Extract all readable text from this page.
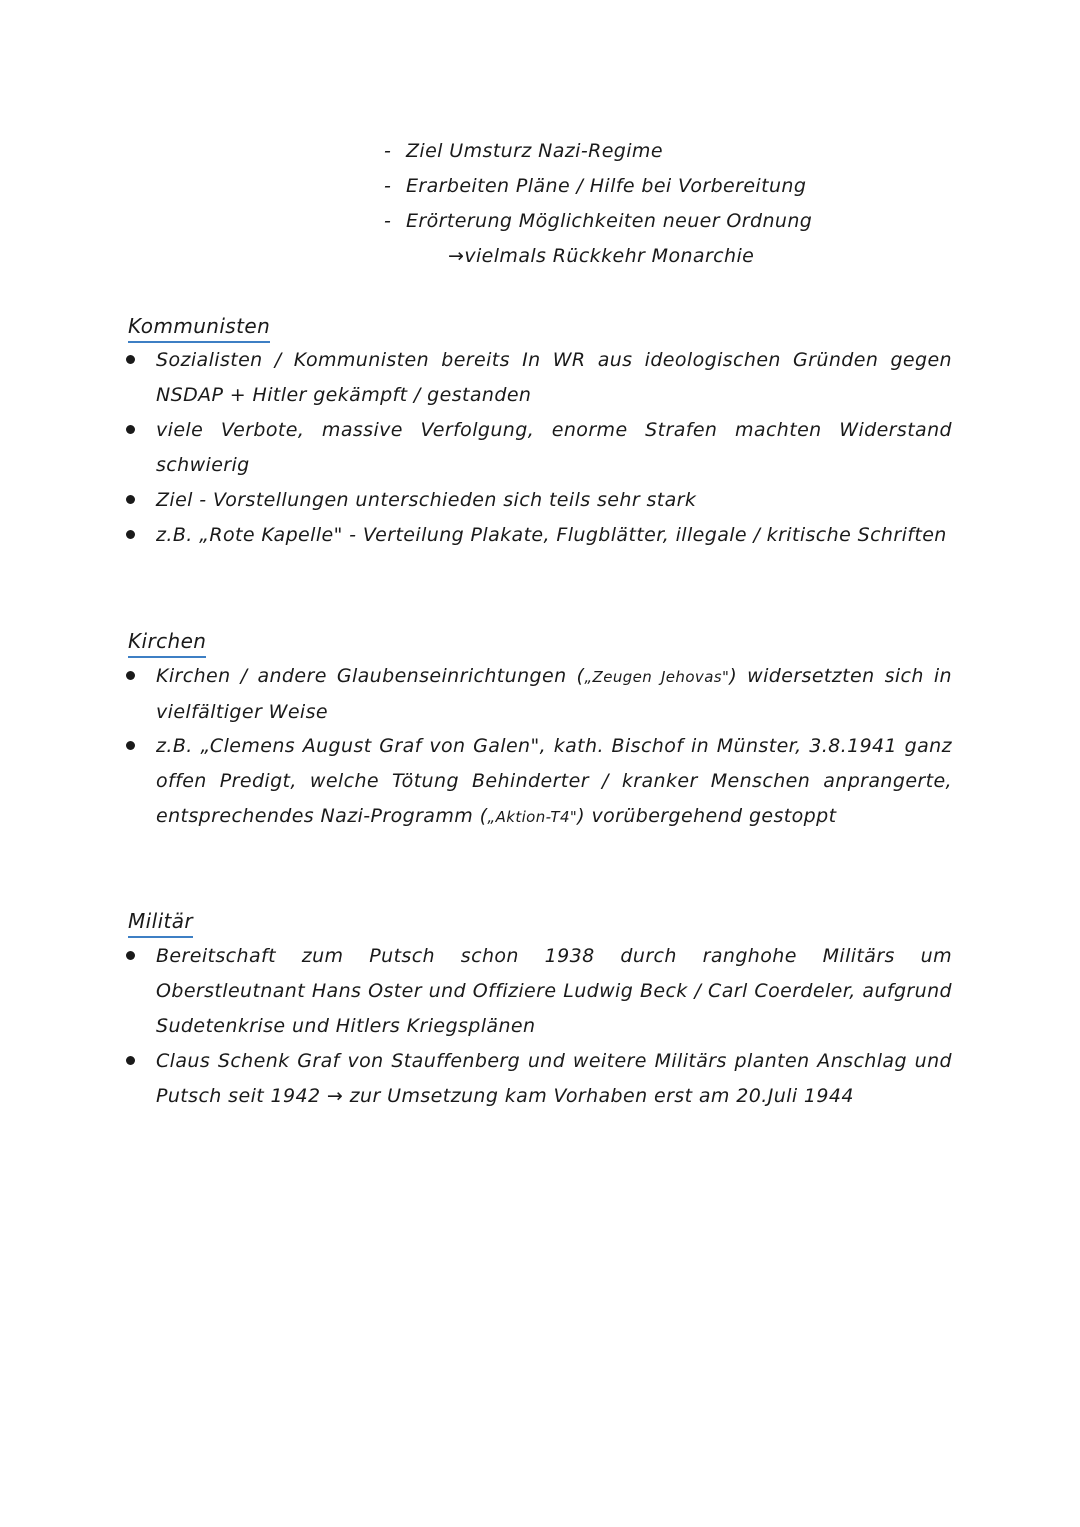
- Ziel Umsturz Nazi-Regime
- Erarbeiten Pläne / Hilfe bei Vorbereitung
- Erörterung Möglichkeiten neuer Ordnung
→vielmals Rückkehr Monarchie
Kommunisten
Sozialisten / Kommunisten bereits In WR aus ideologischen Gründen gegen NSDAP + Hitler gekämpft / gestanden
viele Verbote, massive Verfolgung, enorme Strafen machten Widerstand schwierig
Ziel - Vorstellungen unterschieden sich teils sehr stark
z.B. „Rote Kapelle" - Verteilung Plakate, Flugblätter, illegale / kritische Schriften
Kirchen
Kirchen / andere Glaubenseinrichtungen („Zeugen Jehovas") widersetzten sich in vielfältiger Weise
z.B. „Clemens August Graf von Galen", kath. Bischof in Münster, 3.8.1941 ganz offen Predigt, welche Tötung Behinderter / kranker Menschen anprangerte, entsprechendes Nazi-Programm („Aktion-T4") vorübergehend gestoppt
Militär
Bereitschaft zum Putsch schon 1938 durch ranghohe Militärs um Oberstleutnant Hans Oster und Offiziere Ludwig Beck / Carl Coerdeler, aufgrund Sudetenkrise und Hitlers Kriegsplänen
Claus Schenk Graf von Stauffenberg und weitere Militärs planten Anschlag und Putsch seit 1942 → zur Umsetzung kam Vorhaben erst am 20.Juli 1944
